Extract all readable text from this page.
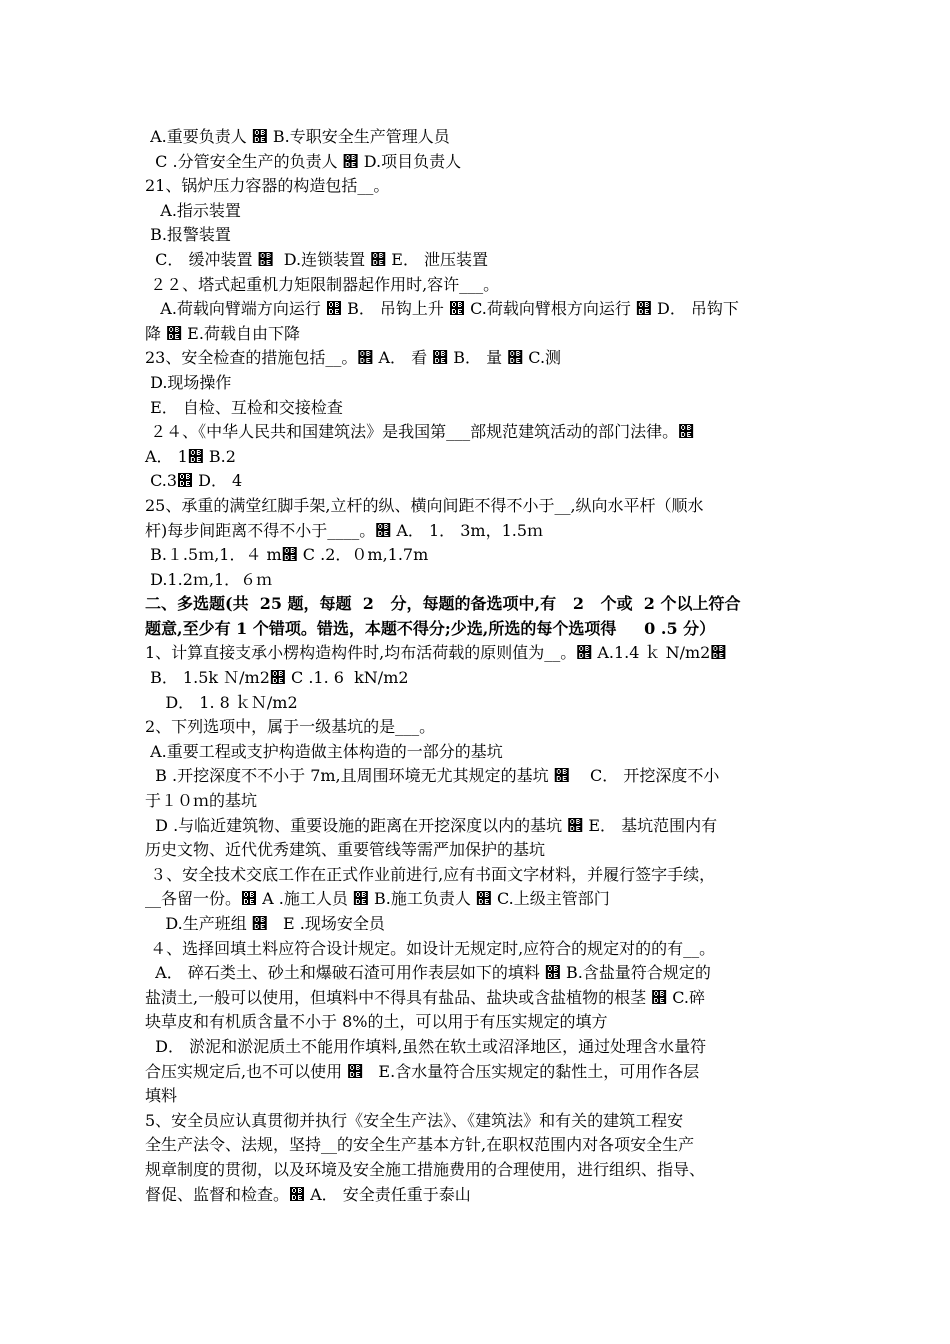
A.重要负责人 ௞ B.专职安全生产管理人员
C .分管安全生产的负责人 ௞ D.项目负责人
21、锅炉压力容器的构造包括__。
A.指示装置
B.报警装置
C． 缓冲装置 ௞  D.连锁装置 ௞ E． 泄压装置
２２、塔式起重机力矩限制器起作用时,容许___。
A.荷载向臂端方向运行 ௞ B． 吊钩上升 ௞ C.荷载向臂根方向运行 ௞ D． 吊钩下
降 ௞ E.荷载自由下降
23、安全检查的措施包括__。௞ A． 看 ௞ B． 量 ௞ C.测
D.现场操作
E． 自检、互检和交接检查
２４、《中华人民共和国建筑法》是我国第___部规范建筑活动的部门法律。௞
A． 1௞ B.2
C.3௞ D． 4
25、承重的满堂红脚手架,立杆的纵、横向间距不得不小于__,纵向水平杆（顺水
杆)每步间距离不得不小于____。௞ A． 1． 3m，1.5ｍ
B.１.5ｍ,1．４ m௞ C .2．０m,1.7m
D.1.2ｍ,1．６ｍ
二、多选题(共  25 题，每题  2   分，每题的备选项中,有   2   个或  2 个以上符合
题意,至少有 1 个错项。错选，本题不得分;少选,所选的每个选项得     0 .5 分）
1、计算直接支承小楞构造构件时,均布活荷载的原则值为__。௞ A.1.4 ｋ N/m2௞
B． 1.5k Ｎ/m2௞ C .1. 6  kN/m2
D． 1. 8 ｋＮ/m2
2、下列选项中，属于一级基坑的是___。
A.重要工程或支护构造做主体构造的一部分的基坑
B .开挖深度不不小于 7m,且周围环境无尤其规定的基坑 ௞    C． 开挖深度不小
于１０ｍ的基坑
D .与临近建筑物、重要设施的距离在开挖深度以内的基坑 ௞ E． 基坑范围内有
历史文物、近代优秀建筑、重要管线等需严加保护的基坑
３、安全技术交底工作在正式作业前进行,应有书面文字材料，并履行签字手续，
__各留一份。௞ A .施工人员 ௞ B.施工负责人 ௞ C.上级主管部门
D.生产班组 ௞   E .现场安全员
４、选择回填土料应符合设计规定。如设计无规定时,应符合的规定对的的有__。
A． 碎石类土、砂土和爆破石渣可用作表层如下的填料 ௞ B.含盐量符合规定的
盐渍土,一般可以使用，但填料中不得具有盐品、盐块或含盐植物的根茎 ௞ C.碎
块草皮和有机质含量不小于 8%的土，可以用于有压实规定的填方
D． 淤泥和淤泥质土不能用作填料,虽然在软土或沼泽地区，通过处理含水量符
合压实规定后,也不可以使用 ௞   E.含水量符合压实规定的黏性土，可用作各层
填料
5、安全员应认真贯彻并执行《安全生产法》、《建筑法》和有关的建筑工程安
全生产法令、法规，坚持__的安全生产基本方针,在职权范围内对各项安全生产
规章制度的贯彻，以及环境及安全施工措施费用的合理使用，进行组织、指导、
督促、监督和检查。௞ A． 安全责任重于泰山
